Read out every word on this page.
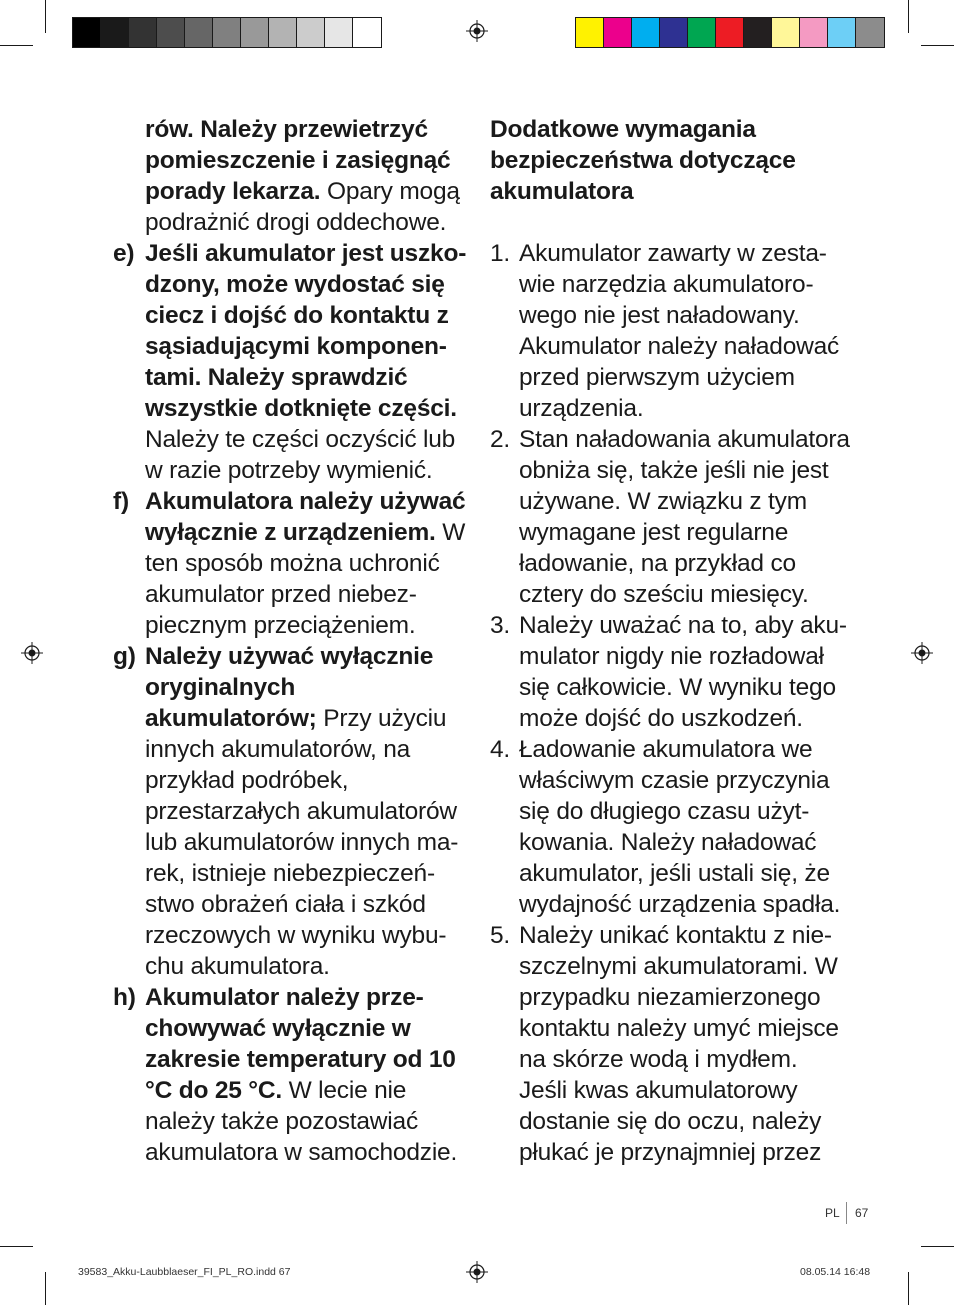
rów. Należy przewietrzyć pomieszczenie i zasięgnąć porady lekarza. Opary mogą podrażnić drogi oddechowe.
e) Jeśli akumulator jest uszkodzony, może wydostać się ciecz i dojść do kontaktu z sąsiadującymi komponentami. Należy sprawdzić wszystkie dotknięte części. Należy te części oczyścić lub w razie potrzeby wymienić.
f) Akumulatora należy używać wyłącznie z urządzeniem. W ten sposób można uchronić akumulator przed niebezpiecznym przeciążeniem.
g) Należy używać wyłącznie oryginalnych akumulatorów; Przy użyciu innych akumulatorów, na przykład podróbek, przestarzałych akumulatorów lub akumulatorów innych marek, istnieje niebezpieczeństwo obrażeń ciała i szkód rzeczowych w wyniku wybuchu akumulatora.
h) Akumulator należy przechowywać wyłącznie w zakresie temperatury od 10 °C do 25 °C. W lecie nie należy także pozostawiać akumulatora w samochodzie.
Dodatkowe wymagania bezpieczeństwa dotyczące akumulatora
1. Akumulator zawarty w zestawie narzędzia akumulatorowego nie jest naładowany. Akumulator należy naładować przed pierwszym użyciem urządzenia.
2. Stan naładowania akumulatora obniża się, także jeśli nie jest używane. W związku z tym wymagane jest regularne ładowanie, na przykład co cztery do sześciu miesięcy.
3. Należy uważać na to, aby akumulator nigdy nie rozładował się całkowicie. W wyniku tego może dojść do uszkodzeń.
4. Ładowanie akumulatora we właściwym czasie przyczynia się do długiego czasu użytkowania. Należy naładować akumulator, jeśli ustali się, że wydajność urządzenia spadła.
5. Należy unikać kontaktu z nieszczelnymi akumulatorami. W przypadku niezamierzonego kontaktu należy umyć miejsce na skórze wodą i mydłem. Jeśli kwas akumulatorowy dostanie się do oczu, należy płukać je przynajmniej przez
PL 67
39583_Akku-Laubblaeser_FI_PL_RO.indd 67	08.05.14 16:48
